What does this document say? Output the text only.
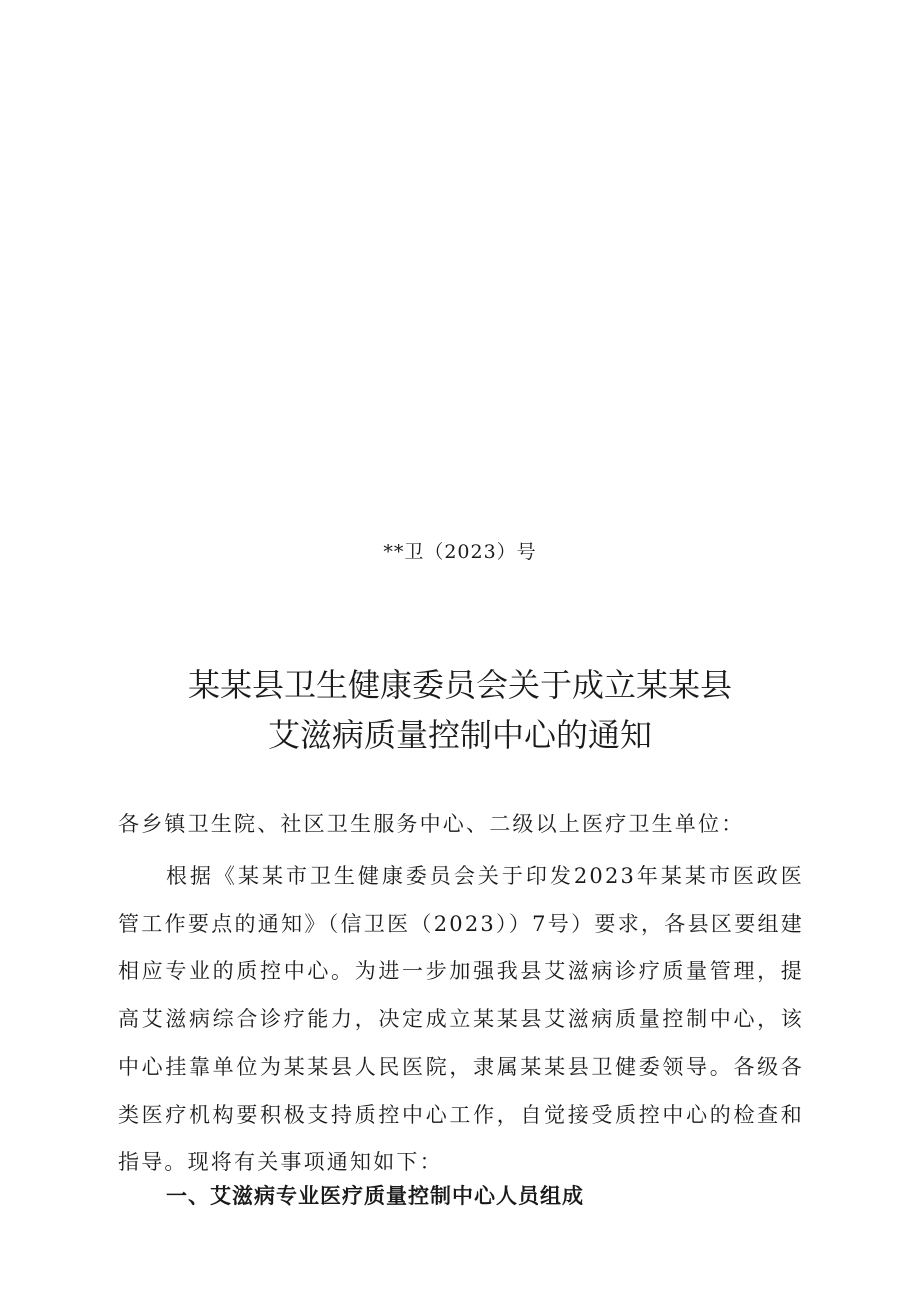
**卫（2023）号
某某县卫生健康委员会关于成立某某县
艾滋病质量控制中心的通知
各乡镇卫生院、社区卫生服务中心、二级以上医疗卫生单位：
根据《某某市卫生健康委员会关于印发2023年某某市医政医管工作要点的通知》（信卫医（2023））7号）要求，各县区要组建相应专业的质控中心。为进一步加强我县艾滋病诊疗质量管理，提高艾滋病综合诊疗能力，决定成立某某县艾滋病质量控制中心，该中心挂靠单位为某某县人民医院，隶属某某县卫健委领导。各级各类医疗机构要积极支持质控中心工作，自觉接受质控中心的检查和指导。现将有关事项通知如下：
一、艾滋病专业医疗质量控制中心人员组成
